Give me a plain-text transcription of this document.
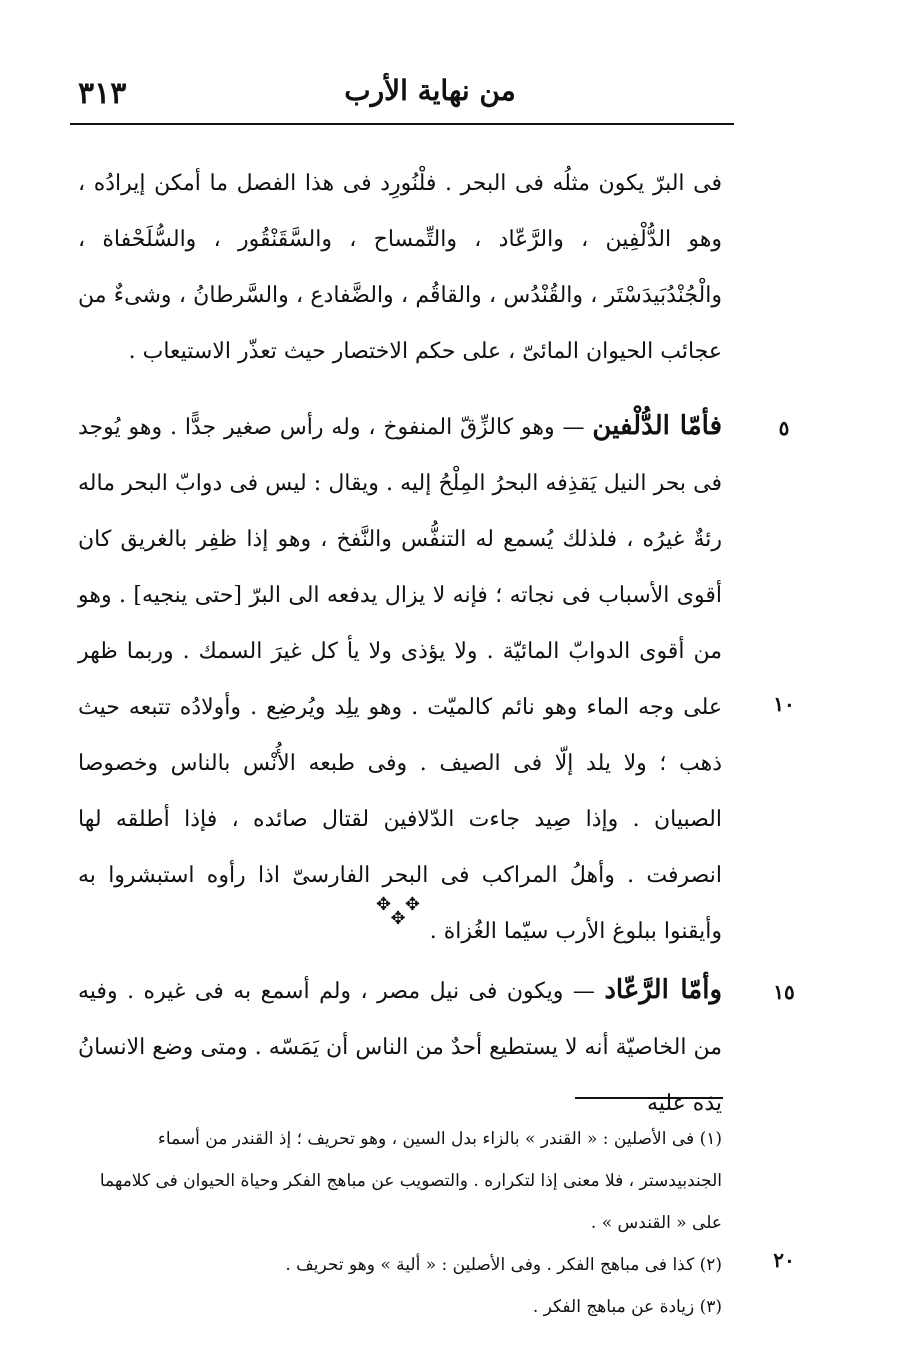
من نهاية الأرب
٣١٣
فى البرّ يكون مثلُه فى البحر . فلْنُورِد فى هذا الفصل ما أمكن إيرادُه ، وهو الدُّلْفِين ، والرَّعّاد ، والتِّمساح ، والسَّقَنْقُور ، والسُّلَحْفاة ، والْجُنْدُبَيدَسْتَر ، والقُنْدُس ، والقاقُم ، والضَّفادع ، والسَّرطانُ ، وشىءٌ من عجائب الحيوان المائىّ ، على حكم الاختصار حيث تعذّر الاستيعاب .
٥
فأمّا الدُّلْفين — وهو كالزِّقّ المنفوخ ، وله رأس صغير جدًّا . وهو يُوجد فى بحر النيل يَقذِفه البحرُ المِلْحُ إليه . ويقال : ليس فى دوابّ البحر ماله رئةٌ غيرُه ، فلذلك يُسمع له التنفُّس والنَّفخ ، وهو إذا ظفِر بالغريق كان أقوى الأسباب فى نجاته ؛ فإنه لا يزال يدفعه الى البرّ [حتى ينجيه] . وهو من أقوى الدوابّ المائيّة . ولا يؤذى ولا يأ كل غيرَ السمك . وربما ظهر على وجه الماء وهو نائم كالميّت . وهو يلِد ويُرضِع . وأولادُه تتبعه حيث ذهب ؛ ولا يلد إلّا فى الصيف . وفى طبعه الأُنْس بالناس وخصوصا الصبيان . وإذا صِيد جاءت الدّلافين لقتال صائده ، فإذا أطلقه لها انصرفت . وأهلُ المراكب فى البحر الفارسىّ اذا رأوه استبشروا به وأيقنوا ببلوغ الأرب سيّما الغُزاة .
١٠
✥ ✥ ✥
١٥
وأمّا الرَّعّاد — ويكون فى نيل مصر ، ولم أسمع به فى غيره . وفيه من الخاصيّة أنه لا يستطيع أحدٌ من الناس أن يَمَسّه . ومتى وضع الانسانُ يدَه عليه
(١) فى الأصلين : « القندر » بالزاء بدل السين ، وهو تحريف ؛ إذ القندر من أسماء الجندبيدستر ، فلا معنى إذا لتكراره . والتصويب عن مباهج الفكر وحياة الحيوان فى كلامهما على « القندس » .
(٢) كذا فى مباهج الفكر . وفى الأصلين : « ألية » وهو تحريف .
(٣) زيادة عن مباهج الفكر .
٢٠
